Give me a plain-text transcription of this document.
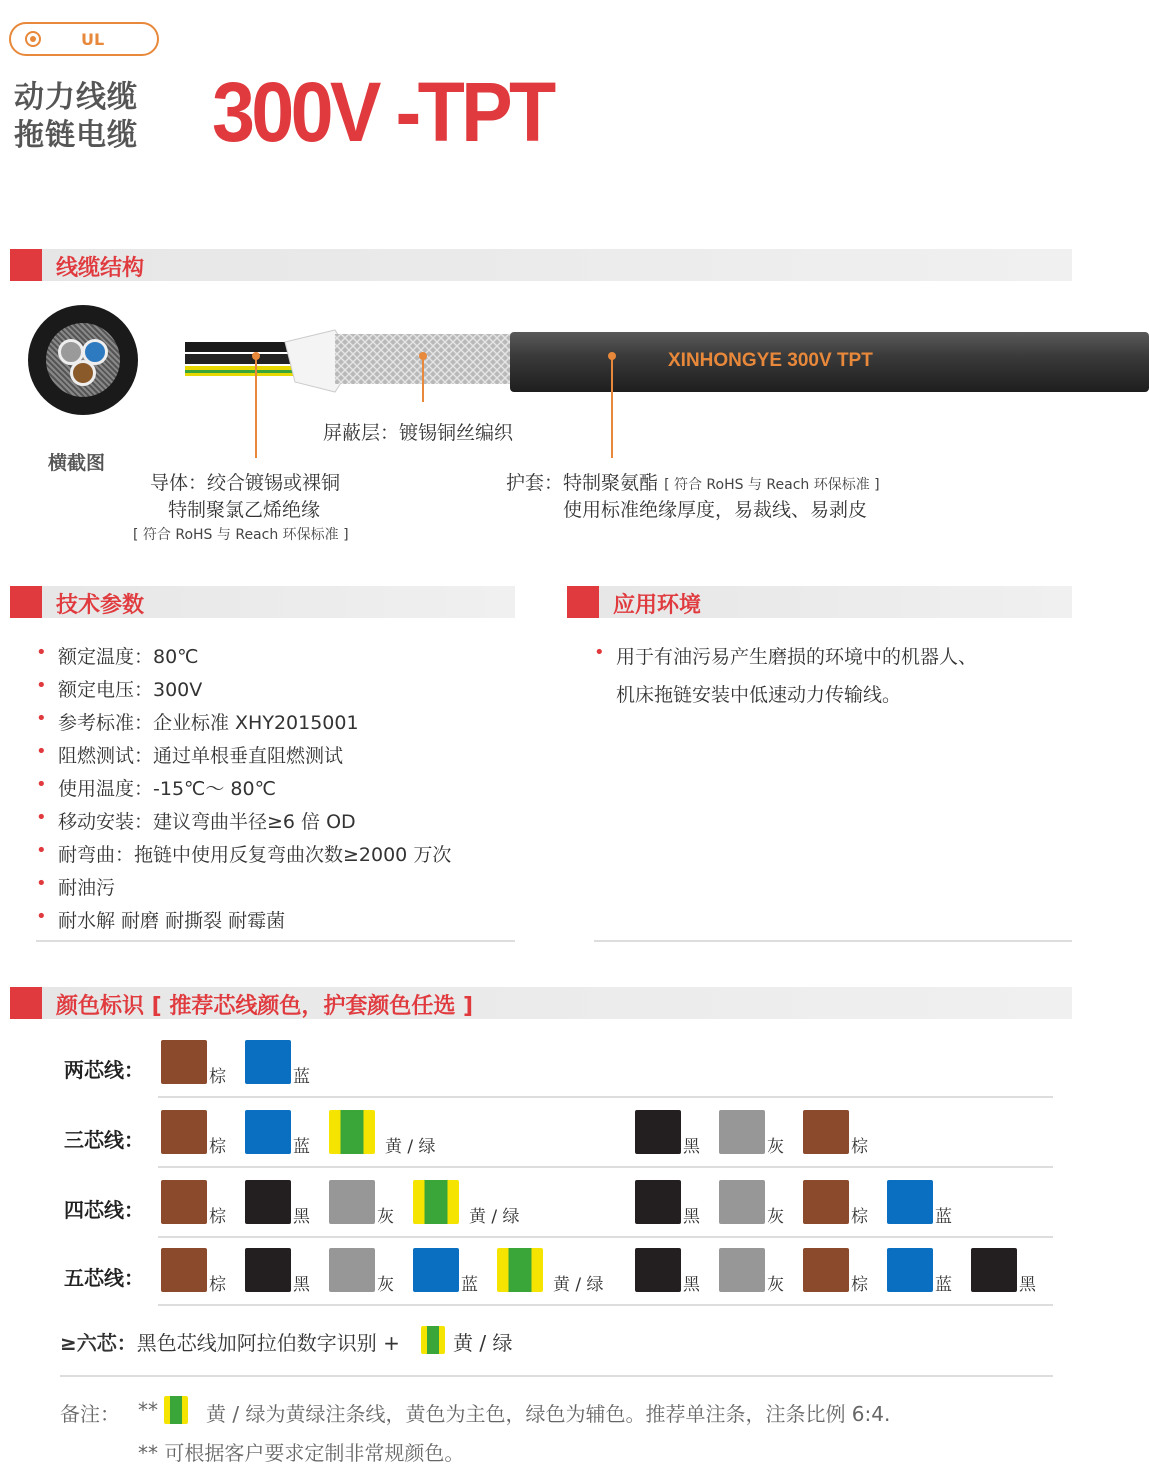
UL
动力线缆
拖链电缆 300V -TPT
线缆结构
横截图
XINHONGYE 300V TPT
屏蔽层：镀锡铜丝编织
导体：绞合镀锡或裸铜
特制聚氯乙烯绝缘
[ 符合 RoHS 与 Reach 环保标准 ]
护套：特制聚氨酯 [ 符合 RoHS 与 Reach 环保标准 ]
使用标准绝缘厚度，易裁线、易剥皮
技术参数
• 额定温度：80℃
• 额定电压：300V
• 参考标准：企业标准 XHY2015001
• 阻燃测试：通过单根垂直阻燃测试
• 使用温度：-15℃～ 80℃
• 移动安装：建议弯曲半径≥6 倍 OD
• 耐弯曲：拖链中使用反复弯曲次数≥2000 万次
• 耐油污
• 耐水解 耐磨 耐撕裂 耐霉菌
应用环境
• 用于有油污易产生磨损的环境中的机器人、
机床拖链安装中低速动力传输线。
颜色标识 [ 推荐芯线颜色，护套颜色任选 ]
两芯线：	棕	蓝
三芯线：	棕	蓝	黄 / 绿	黑	灰	棕
四芯线：	棕	黑	灰	黄 / 绿	黑	灰	棕	蓝
五芯线：	棕	黑	灰	蓝	黄 / 绿	黑	灰	棕	蓝	黑
≥六芯：黑色芯线加阿拉伯数字识别 +	黄 / 绿
备注： ** 黄 / 绿为黄绿注条线，黄色为主色，绿色为辅色。推荐单注条，注条比例 6:4.
** 可根据客户要求定制非常规颜色。
